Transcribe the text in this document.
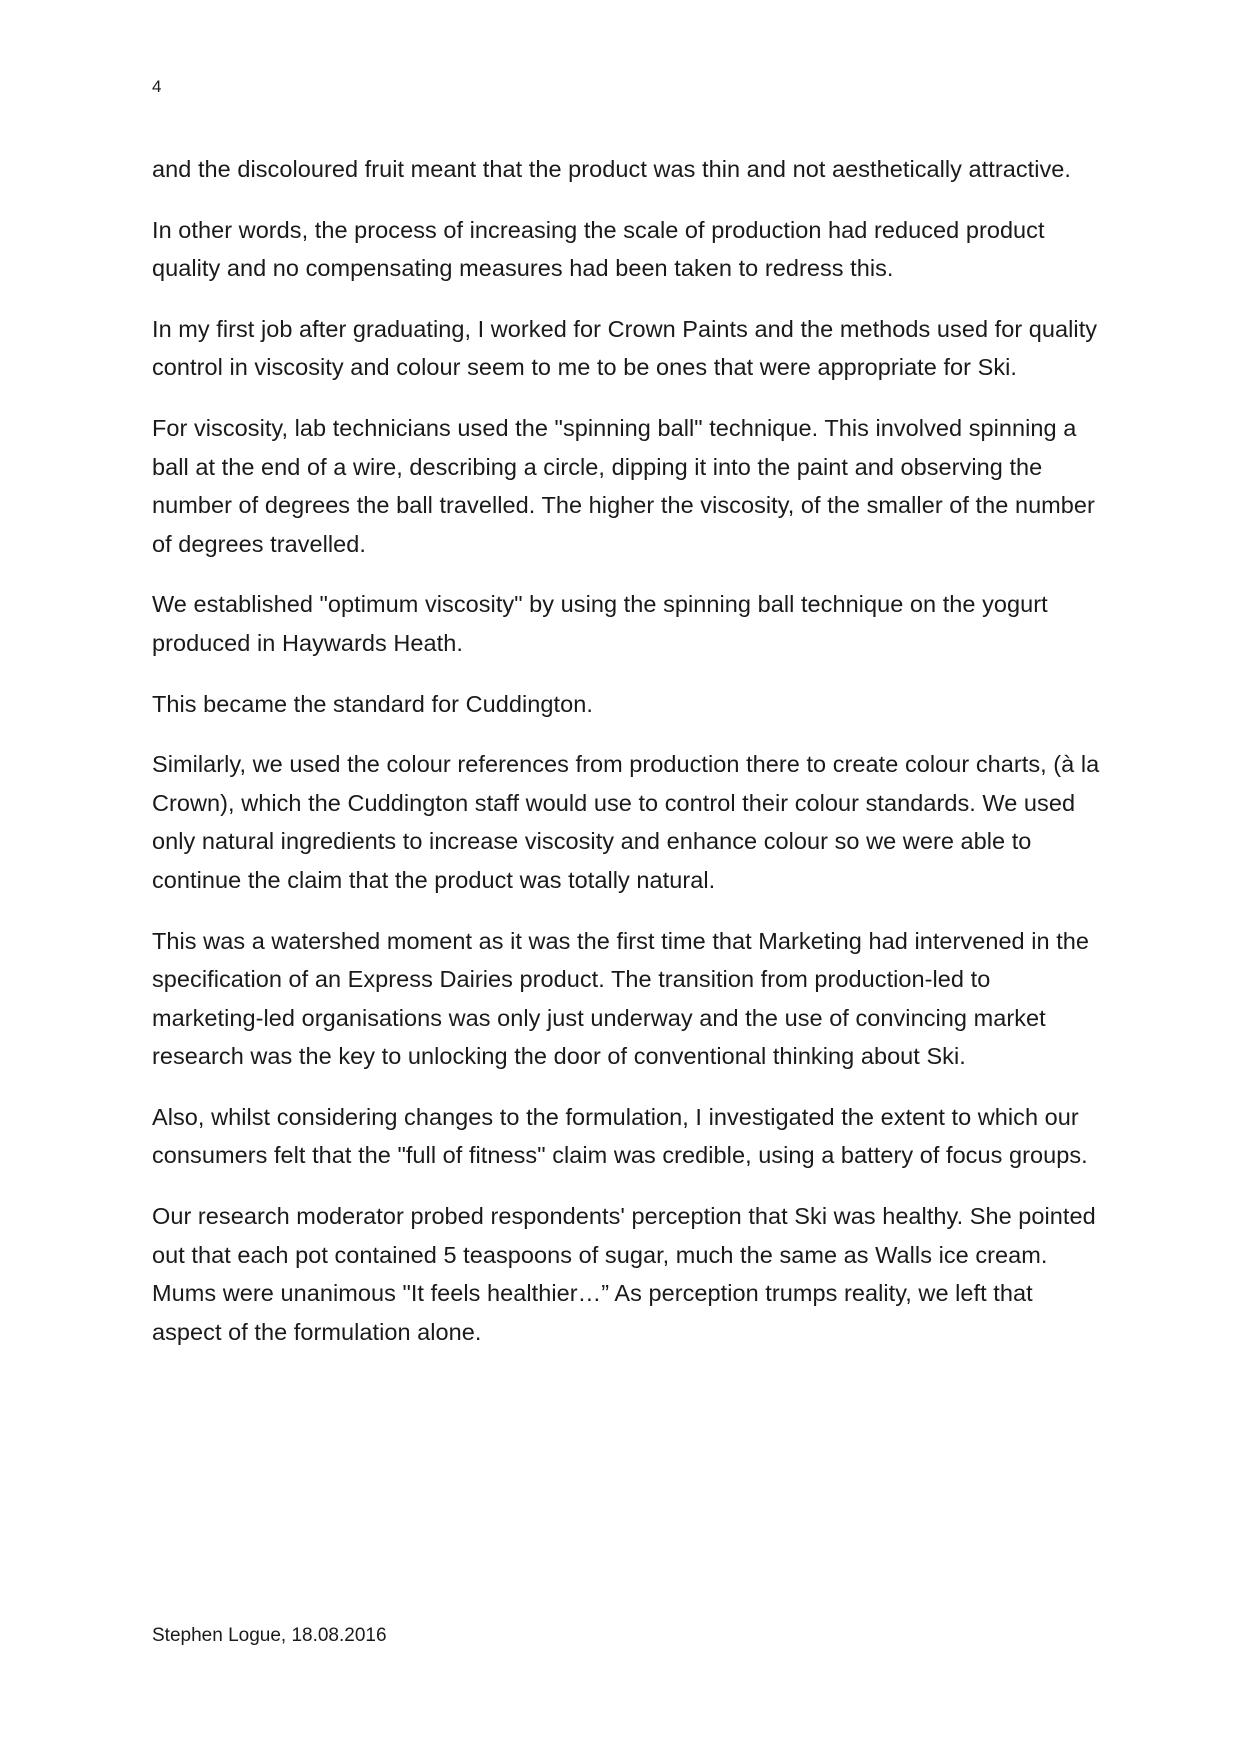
4

and the discoloured fruit meant that the product was thin and not aesthetically attractive.

In other words, the process of increasing the scale of production had reduced product quality and no compensating measures had been taken to redress this.

In my first job after graduating, I worked for Crown Paints and the methods used for quality control in viscosity and colour seem to me to be ones that were appropriate for Ski.

For viscosity, lab technicians used the "spinning ball" technique. This involved spinning a ball at the end of a wire, describing a circle, dipping it into the paint and observing the number of degrees the ball travelled. The higher the viscosity, of the smaller of the number of degrees travelled.

We established "optimum viscosity" by using the spinning ball technique on the yogurt produced in Haywards Heath.

This became the standard for Cuddington.

Similarly, we used the colour references from production there to create colour charts, (à la Crown), which the Cuddington staff would use to control their colour standards. We used only natural ingredients to increase viscosity and enhance colour so we were able to continue the claim that the product was totally natural.

This was a watershed moment as it was the first time that Marketing had intervened in the specification of an Express Dairies product. The transition from production-led to marketing-led organisations was only just underway and the use of convincing market research was the key to unlocking the door of conventional thinking about Ski.

Also, whilst considering changes to the formulation, I investigated the extent to which our consumers felt that the "full of fitness" claim was credible, using a battery of focus groups.

Our research moderator probed respondents' perception that Ski was healthy. She pointed out that each pot contained 5 teaspoons of sugar, much the same as Walls ice cream. Mums were unanimous "It feels healthier…” As perception trumps reality, we left that aspect of the formulation alone.

Stephen Logue, 18.08.2016
